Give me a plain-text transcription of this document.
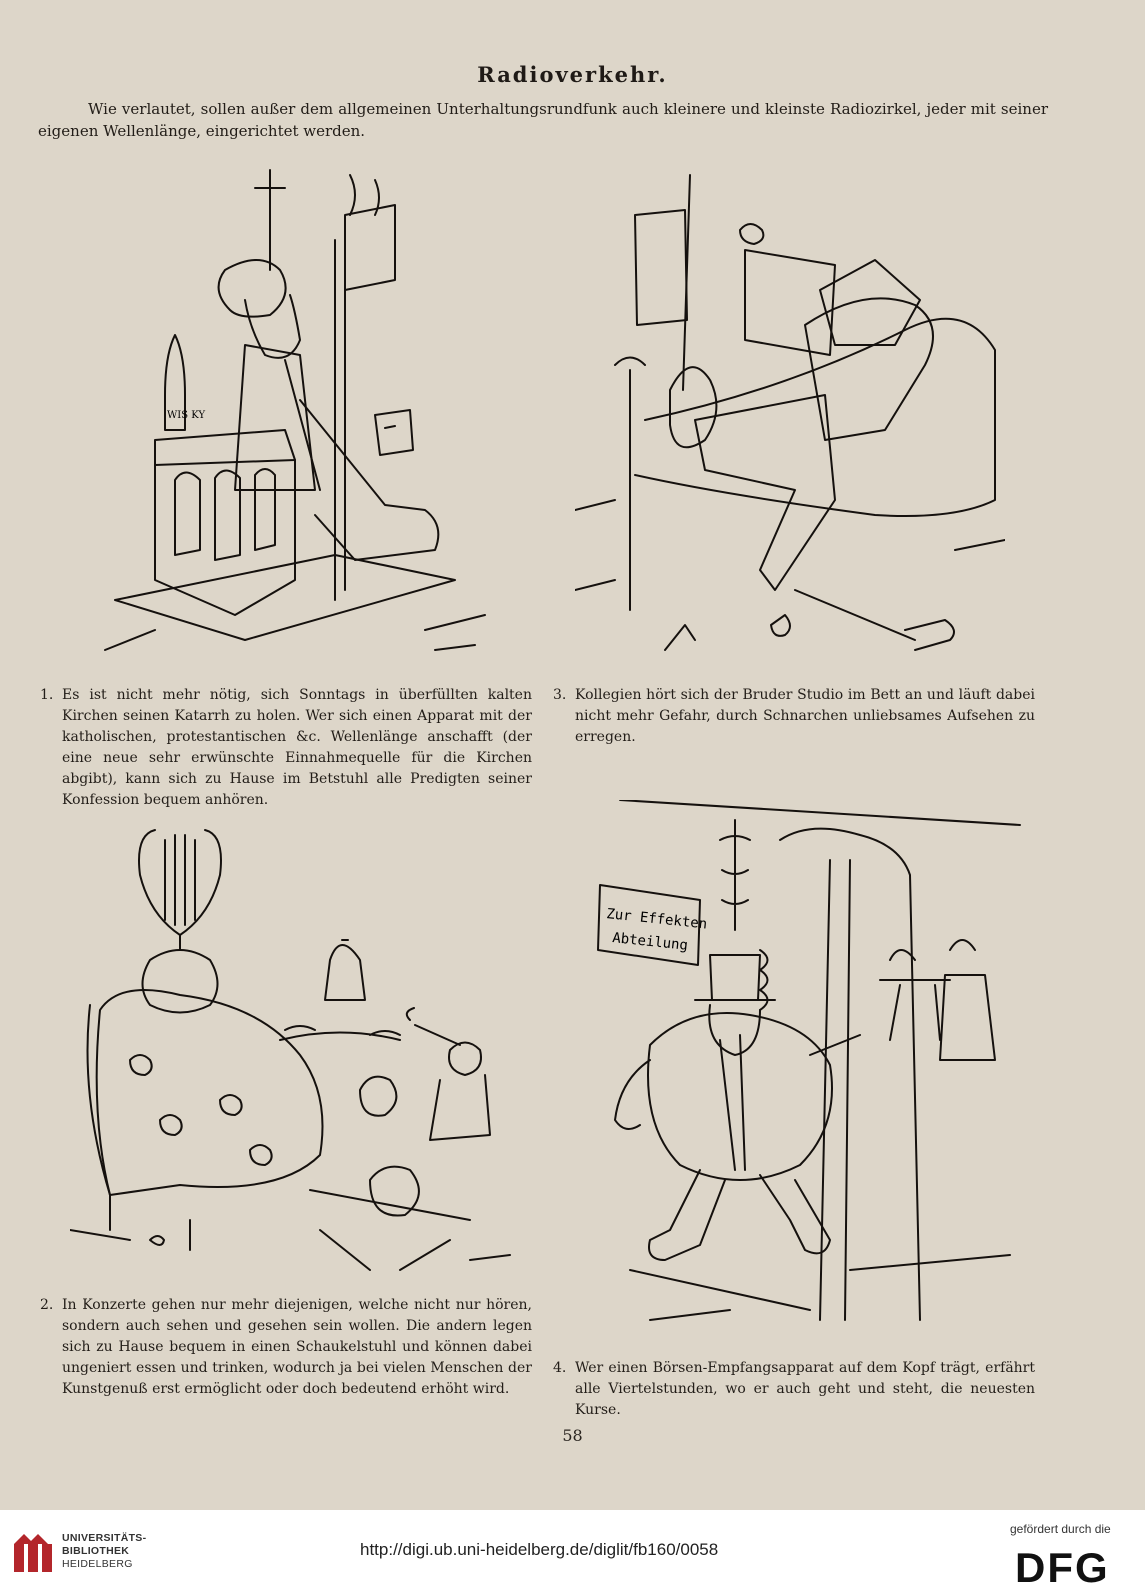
Radioverkehr.
Wie verlautet, sollen außer dem allgemeinen Unterhaltungsrundfunk auch kleinere und kleinste Radiozirkel, jeder mit seiner eigenen Wellenlänge, eingerichtet werden.
WIS KY
1. Es ist nicht mehr nötig, sich Sonntags in überfüllten kalten Kirchen seinen Katarrh zu holen. Wer sich einen Apparat mit der katholischen, protestantischen &c. Wellenlänge anschafft (der eine neue sehr erwünschte Einnahmequelle für die Kirchen abgibt), kann sich zu Hause im Betstuhl alle Predigten seiner Konfession bequem anhören.
3. Kollegien hört sich der Bruder Studio im Bett an und läuft dabei nicht mehr Gefahr, durch Schnarchen unliebsames Aufsehen zu erregen.
Zur Effekten
Abteilung
2. In Konzerte gehen nur mehr diejenigen, welche nicht nur hören, sondern auch sehen und gesehen sein wollen. Die andern legen sich zu Hause bequem in einen Schaukelstuhl und können dabei ungeniert essen und trinken, wodurch ja bei vielen Menschen der Kunstgenuß erst ermöglicht oder doch bedeutend erhöht wird.
4. Wer einen Börsen-Empfangsapparat auf dem Kopf trägt, erfährt alle Viertelstunden, wo er auch geht und steht, die neuesten Kurse.
58
UNIVERSITÄTS-
BIBLIOTHEK
HEIDELBERG
http://digi.ub.uni-heidelberg.de/diglit/fb160/0058
gefördert durch die
DFG
